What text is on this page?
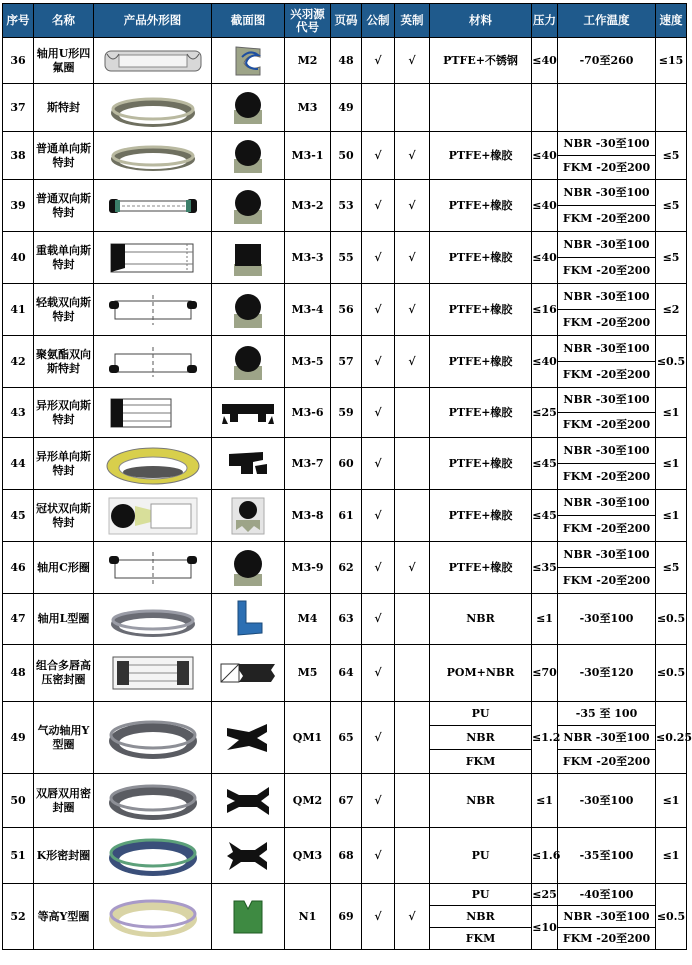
序号	名称	产品外形图	截面图	兴羽源代号	页码	公制	英制	材料	压力	工作温度	速度
36	轴用U形四氟圈			M2	48	√	√	PTFE+不锈钢	≤40	-70至260	≤15
37	斯特封			M3	49						
38	普通单向斯特封			M3-1	50	√	√	PTFE+橡胶	≤40	NBR -30至100	≤5
										FKM -20至200	
39	普通双向斯特封			M3-2	53	√	√	PTFE+橡胶	≤40	NBR -30至100	≤5
										FKM -20至200	
40	重载单向斯特封			M3-3	55	√	√	PTFE+橡胶	≤40	NBR -30至100	≤5
										FKM -20至200	
41	轻载双向斯特封			M3-4	56	√	√	PTFE+橡胶	≤16	NBR -30至100	≤2
										FKM -20至200	
42	聚氨酯双向斯特封			M3-5	57	√	√	PTFE+橡胶	≤40	NBR -30至100	≤0.5
										FKM -20至200	
43	异形双向斯特封			M3-6	59	√		PTFE+橡胶	≤25	NBR -30至100	≤1
										FKM -20至200	
44	异形单向斯特封			M3-7	60	√		PTFE+橡胶	≤45	NBR -30至100	≤1
										FKM -20至200	
45	冠状双向斯特封			M3-8	61	√		PTFE+橡胶	≤45	NBR -30至100	≤1
										FKM -20至200	
46	轴用C形圈			M3-9	62	√	√	PTFE+橡胶	≤35	NBR -30至100	≤5
										FKM -20至200	
47	轴用L型圈			M4	63	√		NBR	≤1	-30至100	≤0.5
48	组合多唇高压密封圈			M5	64	√		POM+NBR	≤70	-30至120	≤0.5
49	气动轴用Y型圈			QM1	65	√		PU	≤1.2	-35 至 100	≤0.25
								NBR		NBR -30至100	
								FKM		FKM -20至200	
50	双唇双用密封圈			QM2	67	√		NBR	≤1	-30至100	≤1
51	K形密封圈			QM3	68	√		PU	≤1.6	-35至100	≤1
52	等高Y型圈			N1	69	√	√	PU	≤25	-40至100	≤0.5
								NBR	≤10	NBR -30至100	
								FKM		FKM -20至200	
